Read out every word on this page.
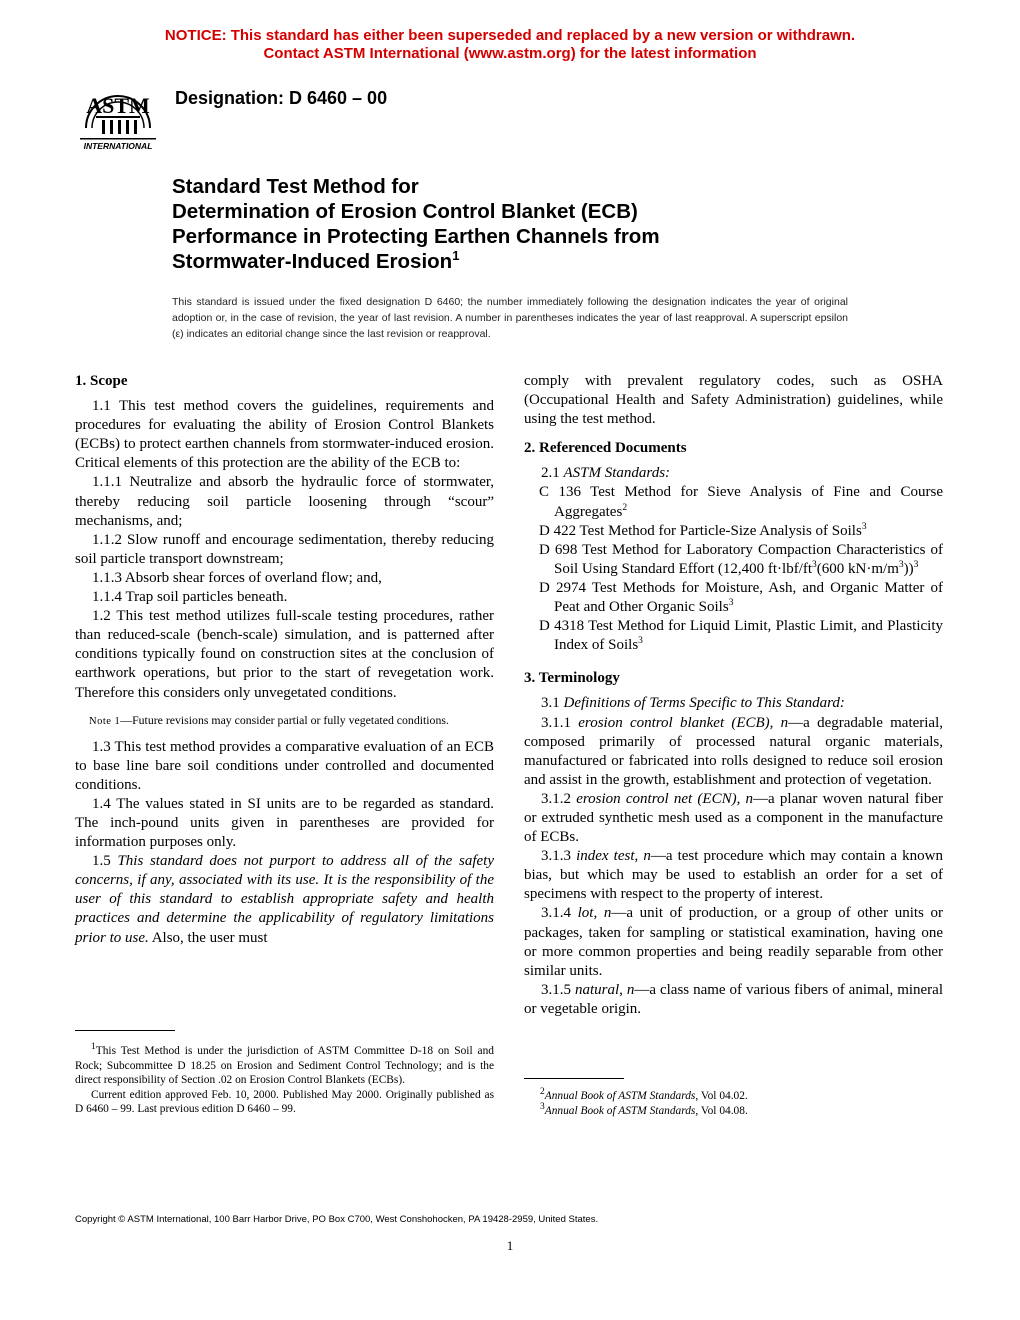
NOTICE: This standard has either been superseded and replaced by a new version or withdrawn.
Contact ASTM International (www.astm.org) for the latest information
ASTM
INTERNATIONAL
Designation: D 6460 – 00
Standard Test Method for
Determination of Erosion Control Blanket (ECB)
Performance in Protecting Earthen Channels from
Stormwater-Induced Erosion$^1$
This standard is issued under the fixed designation D 6460; the number immediately following the designation indicates the year of original adoption or, in the case of revision, the year of last revision. A number in parentheses indicates the year of last reapproval. A superscript epsilon (ε) indicates an editorial change since the last revision or reapproval.

1. Scope

1.1 This test method covers the guidelines, requirements and procedures for evaluating the ability of Erosion Control Blankets (ECBs) to protect earthen channels from stormwater-induced erosion. Critical elements of this protection are the ability of the ECB to:

1.1.1 Neutralize and absorb the hydraulic force of stormwater, thereby reducing soil particle loosening through “scour” mechanisms, and;

1.1.2 Slow runoff and encourage sedimentation, thereby reducing soil particle transport downstream;

1.1.3 Absorb shear forces of overland flow; and,

1.1.4 Trap soil particles beneath.

1.2 This test method utilizes full-scale testing procedures, rather than reduced-scale (bench-scale) simulation, and is patterned after conditions typically found on construction sites at the conclusion of earthwork operations, but prior to the start of revegetation work. Therefore this considers only unvegetated conditions.

Note 1—Future revisions may consider partial or fully vegetated conditions.

1.3 This test method provides a comparative evaluation of an ECB to base line bare soil conditions under controlled and documented conditions.

1.4 The values stated in SI units are to be regarded as standard. The inch-pound units given in parentheses are provided for information purposes only.

1.5 This standard does not purport to address all of the safety concerns, if any, associated with its use. It is the responsibility of the user of this standard to establish appropriate safety and health practices and determine the applicability of regulatory limitations prior to use. Also, the user must

comply with prevalent regulatory codes, such as OSHA (Occupational Health and Safety Administration) guidelines, while using the test method.

2. Referenced Documents

2.1 ASTM Standards:

C 136 Test Method for Sieve Analysis of Fine and Course Aggregates$^2$

D 422 Test Method for Particle-Size Analysis of Soils$^3$

D 698 Test Method for Laboratory Compaction Characteristics of Soil Using Standard Effort (12,400 $ft\cdot lbf/ft^3(600$ $kN\cdot m/m^3))^3$

D 2974 Test Methods for Moisture, Ash, and Organic Matter of Peat and Other Organic Soils$^3$

D 4318 Test Method for Liquid Limit, Plastic Limit, and Plasticity Index of Soils$^3$

3. Terminology

3.1 Definitions of Terms Specific to This Standard:

3.1.1 erosion control blanket (ECB), n—a degradable material, composed primarily of processed natural organic materials, manufactured or fabricated into rolls designed to reduce soil erosion and assist in the growth, establishment and protection of vegetation.

3.1.2 erosion control net (ECN), n—a planar woven natural fiber or extruded synthetic mesh used as a component in the manufacture of ECBs.

3.1.3 index test, n—a test procedure which may contain a known bias, but which may be used to establish an order for a set of specimens with respect to the property of interest.

3.1.4 lot, n—a unit of production, or a group of other units or packages, taken for sampling or statistical examination, having one or more common properties and being readily separable from other similar units.

3.1.5 natural, n—a class name of various fibers of animal, mineral or vegetable origin.

$^1$This Test Method is under the jurisdiction of ASTM Committee D-18 on Soil and Rock; Subcommittee D 18.25 on Erosion and Sediment Control Technology; and is the direct responsibility of Section .02 on Erosion Control Blankets (ECBs).

Current edition approved Feb. 10, 2000. Published May 2000. Originally published as D 6460 – 99. Last previous edition D 6460 – 99.

$^2$Annual Book of ASTM Standards, Vol 04.02.

$^3$Annual Book of ASTM Standards, Vol 04.08.

Copyright © ASTM International, 100 Barr Harbor Drive, PO Box C700, West Conshohocken, PA 19428-2959, United States.
1
